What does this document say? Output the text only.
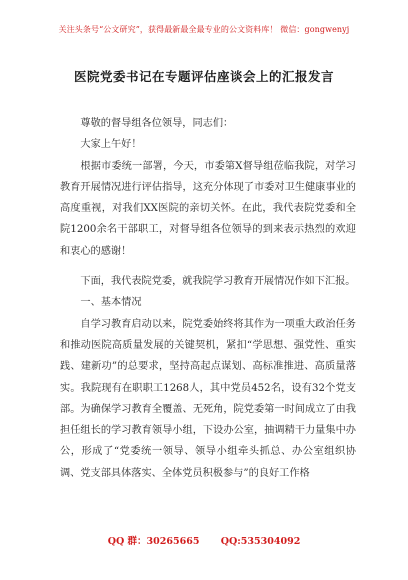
关注头条号“公文研究”，获得最新最全最专业的公文资料库！ 微信：gongwenyj
医院党委书记在专题评估座谈会上的汇报发言

尊敬的督导组各位领导，同志们：

大家上午好！

根据市委统一部署，今天，市委第X督导组莅临我院，对学习教育开展情况进行评估指导，这充分体现了市委对卫生健康事业的高度重视，对我们XX医院的亲切关怀。在此，我代表院党委和全院1200余名干部职工，对督导组各位领导的到来表示热烈的欢迎和衷心的感谢！

下面，我代表院党委，就我院学习教育开展情况作如下汇报。

一、基本情况

自学习教育启动以来，院党委始终将其作为一项重大政治任务和推动医院高质量发展的关键契机，紧扣“学思想、强党性、重实践、建新功”的总要求，坚持高起点谋划、高标准推进、高质量落实。我院现有在职职工1268人，其中党员452名，设有32个党支部。为确保学习教育全覆盖、无死角，院党委第一时间成立了由我担任组长的学习教育领导小组，下设办公室，抽调精干力量集中办公，形成了“党委统一领导、领导小组牵头抓总、办公室组织协调、党支部具体落实、全体党员积极参与”的良好工作格

QQ 群：30265665 QQ:535304092
